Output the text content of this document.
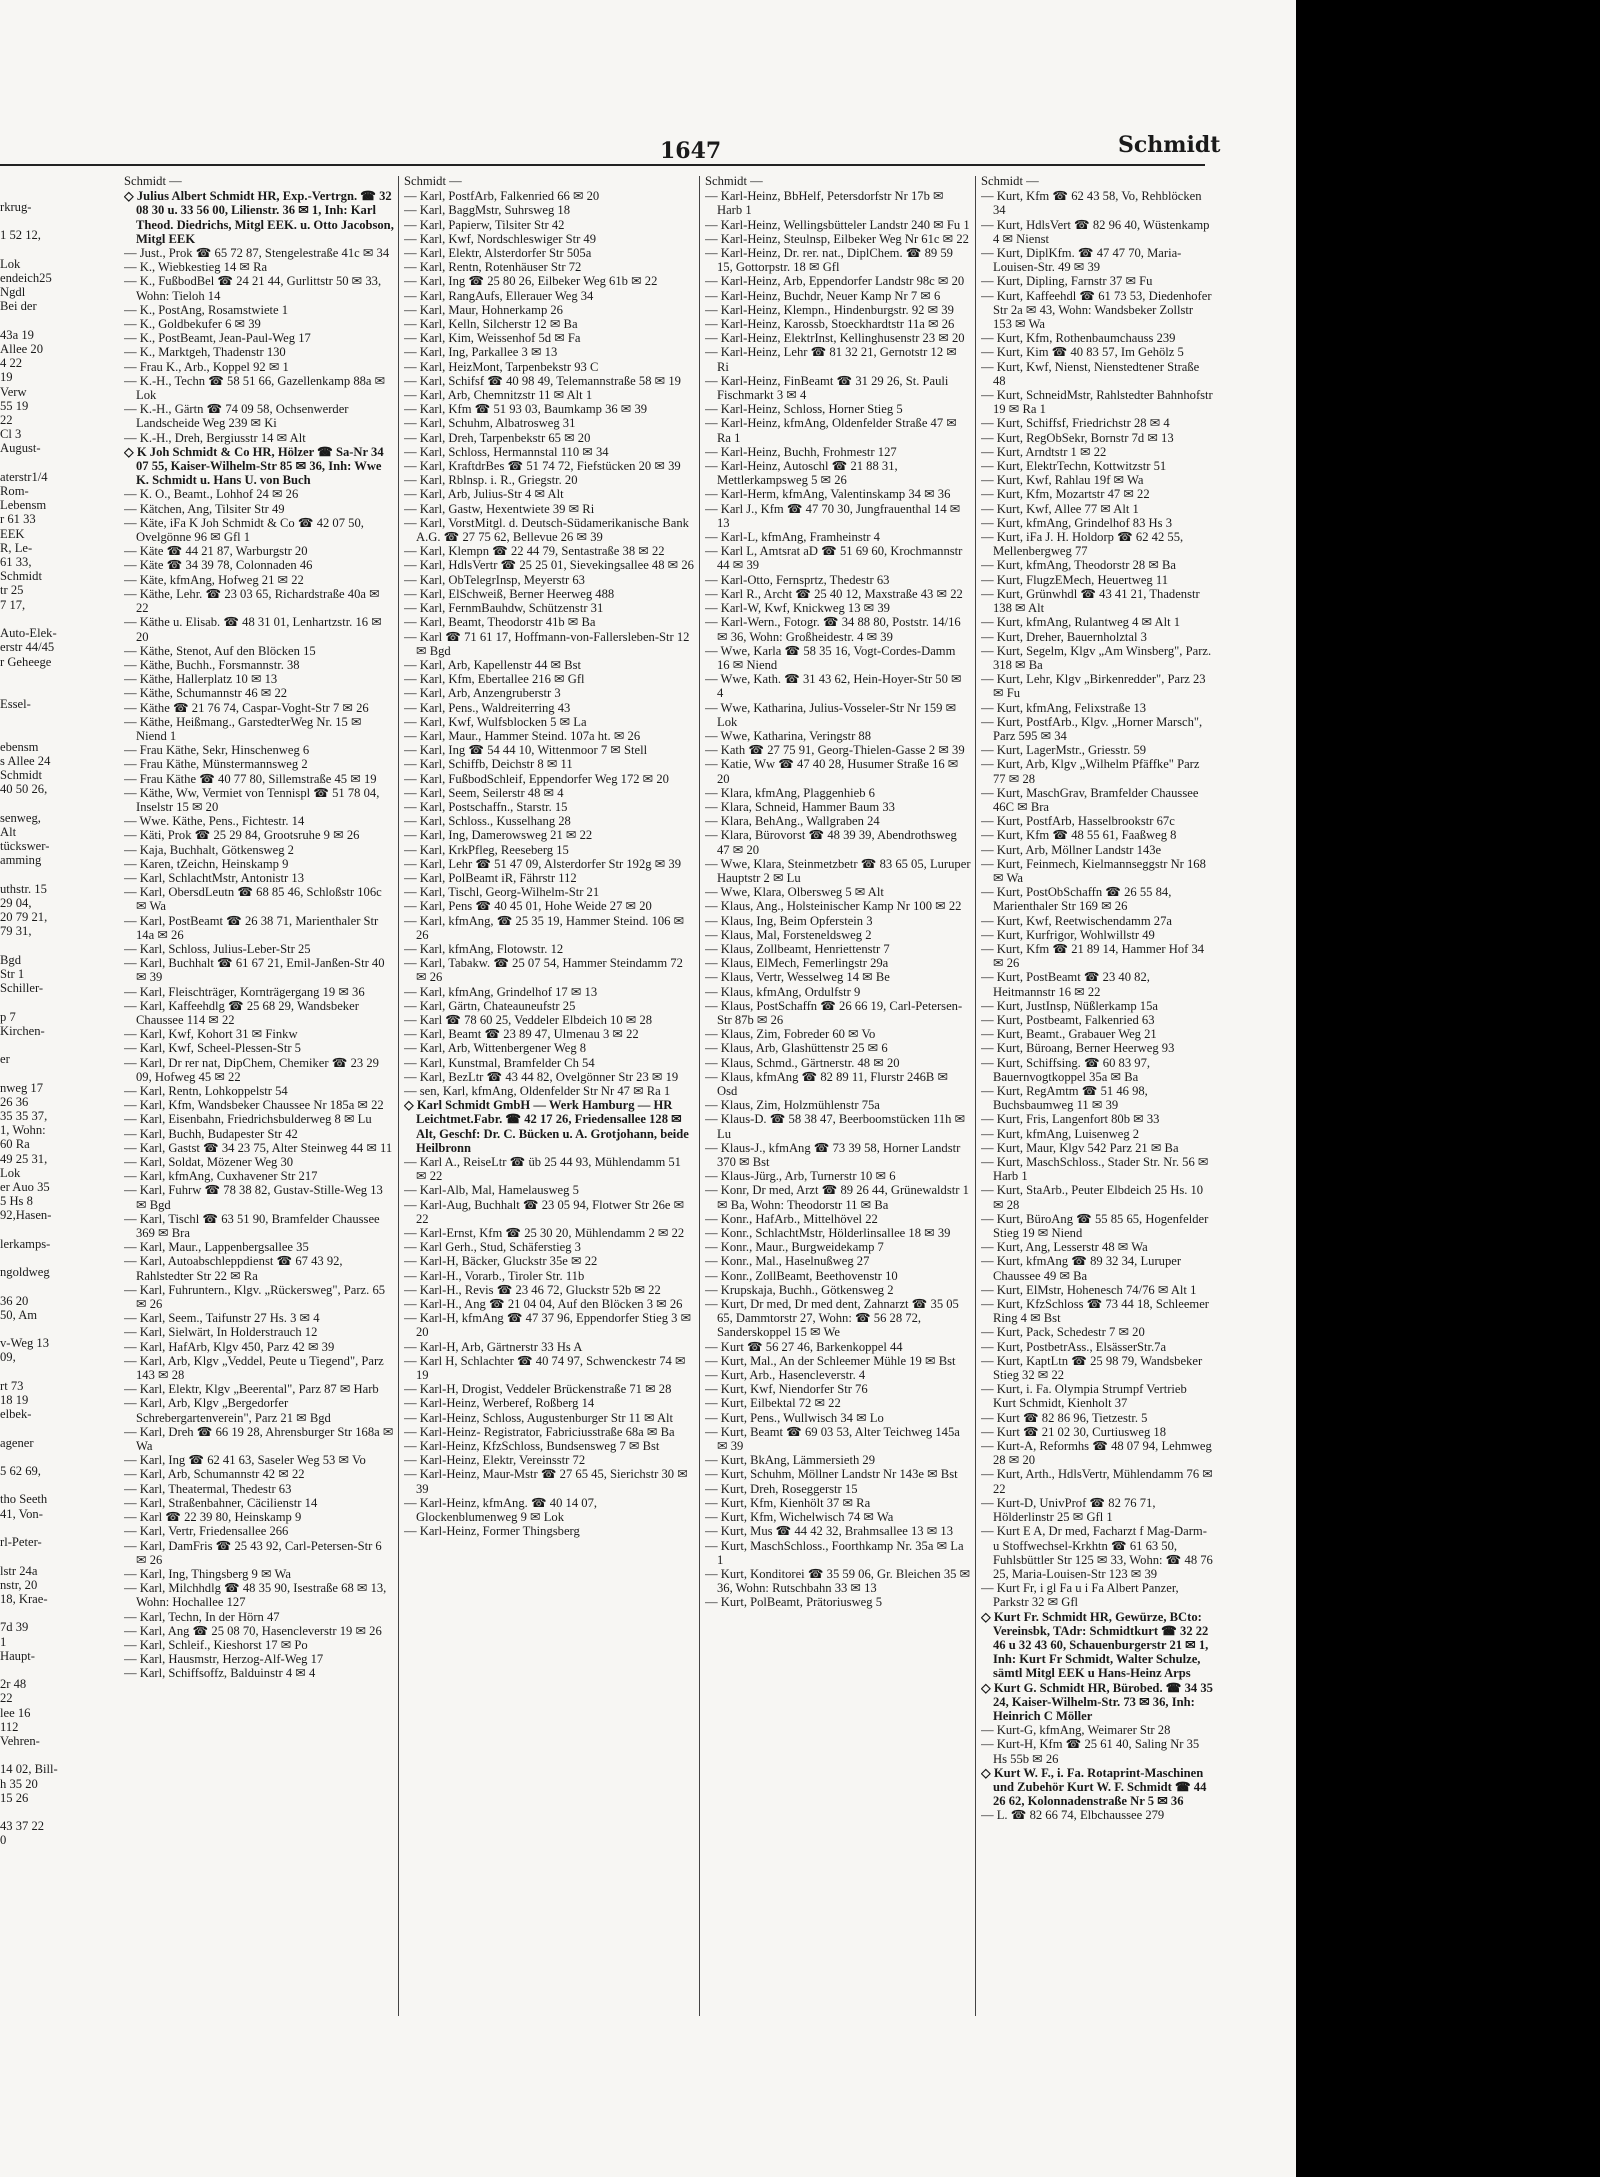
rkrug-

1 52 12,

Lok
endeich25
Ngdl
Bei der

43a 19
Allee 20
4 22
19
Verw
55 19
22
Cl 3
August-

aterstr1/4
Rom-
Lebensm
r 61 33
EEK
R, Le-
61 33,
Schmidt
tr 25
7 17,

Auto-Elek-
erstr 44/45
r Geheege

Essel-

ebensm
s Allee 24
Schmidt
40 50 26,

senweg,
Alt
tückswer-
amming

uthstr. 15
29 04,
20 79 21,
79 31,

Bgd
Str 1
Schiller-

p 7
Kirchen-

er

nweg 17
26 36
35 35 37,
1, Wohn:
60 Ra
49 25 31,
Lok
er Auo 35
5 Hs 8
92,Hasen-

lerkamps-

ngoldweg

36 20
50, Am

v-Weg 13
09,

rt 73
18 19
elbek-

agener

5 62 69,

tho Seeth
41, Von-

rl-Peter-

lstr 24a
nstr, 20
18, Krae-

7d 39
1
Haupt-

2r 48
22
lee 16
112
Vehren-

14 02, Bill-
h 35 20
15 26

43 37 22
0
1647	Schmidt
Schmidt —
◇ Julius Albert Schmidt HR, Exp.-Vertrgn. ☎ 32 08 30 u. 33 56 00, Lilienstr. 36 ✉ 1, Inh: Karl Theod. Diedrichs, Mitgl EEK. u. Otto Jacobson, Mitgl EEK
— Just., Prok ☎ 65 72 87, Stengelestraße 41c ✉ 34
— K., Wiebkestieg 14 ✉ Ra
— K., FußbodBel ☎ 24 21 44, Gurlittstr 50 ✉ 33, Wohn: Tieloh 14
— K., PostAng, Rosamstwiete 1
— K., Goldbekufer 6 ✉ 39
— K., PostBeamt, Jean-Paul-Weg 17
— K., Marktgeh, Thadenstr 130
— Frau K., Arb., Koppel 92 ✉ 1
— K.-H., Techn ☎ 58 51 66, Gazellenkamp 88a ✉ Lok
— K.-H., Gärtn ☎ 74 09 58, Ochsenwerder Landscheide Weg 239 ✉ Ki
— K.-H., Dreh, Bergiusstr 14 ✉ Alt
◇ K Joh Schmidt & Co HR, Hölzer ☎ Sa-Nr 34 07 55, Kaiser-Wilhelm-Str 85 ✉ 36, Inh: Wwe K. Schmidt u. Hans U. von Buch
— K. O., Beamt., Lohhof 24 ✉ 26
— Kätchen, Ang, Tilsiter Str 49
— Käte, iFa K Joh Schmidt & Co ☎ 42 07 50, Ovelgönne 96 ✉ Gfl 1
— Käte ☎ 44 21 87, Warburgstr 20
— Käte ☎ 34 39 78, Colonnaden 46
— Käte, kfmAng, Hofweg 21 ✉ 22
— Käthe, Lehr. ☎ 23 03 65, Richardstraße 40a ✉ 22
— Käthe u. Elisab. ☎ 48 31 01, Lenhartzstr. 16 ✉ 20
— Käthe, Stenot, Auf den Blöcken 15
— Käthe, Buchh., Forsmannstr. 38
— Käthe, Hallerplatz 10 ✉ 13
— Käthe, Schumannstr 46 ✉ 22
— Käthe ☎ 21 76 74, Caspar-Voght-Str 7 ✉ 26
— Käthe, Heißmang., GarstedterWeg Nr. 15 ✉ Niend 1
— Frau Käthe, Sekr, Hinschenweg 6
— Frau Käthe, Münstermannsweg 2
— Frau Käthe ☎ 40 77 80, Sillemstraße 45 ✉ 19
— Käthe, Ww, Vermiet von Tennispl ☎ 51 78 04, Inselstr 15 ✉ 20
— Wwe. Käthe, Pens., Fichtestr. 14
— Käti, Prok ☎ 25 29 84, Grootsruhe 9 ✉ 26
— Kaja, Buchhalt, Götkensweg 2
— Karen, tZeichn, Heinskamp 9
— Karl, SchlachtMstr, Antonistr 13
— Karl, ObersdLeutn ☎ 68 85 46, Schloßstr 106c ✉ Wa
— Karl, PostBeamt ☎ 26 38 71, Marienthaler Str 14a ✉ 26
— Karl, Schloss, Julius-Leber-Str 25
— Karl, Buchhalt ☎ 61 67 21, Emil-Janßen-Str 40 ✉ 39
— Karl, Fleischträger, Kornträgergang 19 ✉ 36
— Karl, Kaffeehdlg ☎ 25 68 29, Wandsbeker Chaussee 114 ✉ 22
— Karl, Kwf, Kohort 31 ✉ Finkw
— Karl, Kwf, Scheel-Plessen-Str 5
— Karl, Dr rer nat, DipChem, Chemiker ☎ 23 29 09, Hofweg 45 ✉ 22
— Karl, Rentn, Lohkoppelstr 54
— Karl, Kfm, Wandsbeker Chaussee Nr 185a ✉ 22
— Karl, Eisenbahn, Friedrichsbulderweg 8 ✉ Lu
— Karl, Buchh, Budapester Str 42
— Karl, Gastst ☎ 34 23 75, Alter Steinweg 44 ✉ 11
— Karl, Soldat, Mözener Weg 30
— Karl, kfmAng, Cuxhavener Str 217
— Karl, Fuhrw ☎ 78 38 82, Gustav-Stille-Weg 13 ✉ Bgd
— Karl, Tischl ☎ 63 51 90, Bramfelder Chaussee 369 ✉ Bra
— Karl, Maur., Lappenbergsallee 35
— Karl, Autoabschleppdienst ☎ 67 43 92, Rahlstedter Str 22 ✉ Ra
— Karl, Fuhruntern., Klgv. „Rückersweg", Parz. 65 ✉ 26
— Karl, Seem., Taifunstr 27 Hs. 3 ✉ 4
— Karl, Sielwärt, In Holderstrauch 12
— Karl, HafArb, Klgv 450, Parz 42 ✉ 39
— Karl, Arb, Klgv „Veddel, Peute u Tiegend", Parz 143 ✉ 28
— Karl, Elektr, Klgv „Beerental", Parz 87 ✉ Harb
— Karl, Arb, Klgv „Bergedorfer Schrebergartenverein", Parz 21 ✉ Bgd
— Karl, Dreh ☎ 66 19 28, Ahrensburger Str 168a ✉ Wa
— Karl, Ing ☎ 62 41 63, Saseler Weg 53 ✉ Vo
— Karl, Arb, Schumannstr 42 ✉ 22
— Karl, Theatermal, Thedestr 63
— Karl, Straßenbahner, Cäcilienstr 14
— Karl ☎ 22 39 80, Heinskamp 9
— Karl, Vertr, Friedensallee 266
— Karl, DamFris ☎ 25 43 92, Carl-Petersen-Str 6 ✉ 26
— Karl, Ing, Thingsberg 9 ✉ Wa
— Karl, Milchhdlg ☎ 48 35 90, Isestraße 68 ✉ 13, Wohn: Hochallee 127
— Karl, Techn, In der Hörn 47
— Karl, Ang ☎ 25 08 70, Hasencleverstr 19 ✉ 26
— Karl, Schleif., Kieshorst 17 ✉ Po
— Karl, Hausmstr, Herzog-Alf-Weg 17
— Karl, Schiffsoffz, Balduinstr 4 ✉ 4
Schmidt —
— Karl, PostfArb, Falkenried 66 ✉ 20
— Karl, BaggMstr, Suhrsweg 18
— Karl, Papierw, Tilsiter Str 42
— Karl, Kwf, Nordschleswiger Str 49
— Karl, Elektr, Alsterdorfer Str 505a
— Karl, Rentn, Rotenhäuser Str 72
— Karl, Ing ☎ 25 80 26, Eilbeker Weg 61b ✉ 22
— Karl, RangAufs, Ellerauer Weg 34
— Karl, Maur, Hohnerkamp 26
— Karl, Kelln, Silcherstr 12 ✉ Ba
— Karl, Kim, Weissenhof 5d ✉ Fa
— Karl, Ing, Parkallee 3 ✉ 13
— Karl, HeizMont, Tarpenbekstr 93 C
— Karl, Schifsf ☎ 40 98 49, Telemannstraße 58 ✉ 19
— Karl, Arb, Chemnitzstr 11 ✉ Alt 1
— Karl, Kfm ☎ 51 93 03, Baumkamp 36 ✉ 39
— Karl, Schuhm, Albatrosweg 31
— Karl, Dreh, Tarpenbekstr 65 ✉ 20
— Karl, Schloss, Hermannstal 110 ✉ 34
— Karl, KraftdrBes ☎ 51 74 72, Fiefstücken 20 ✉ 39
— Karl, Rblnsp. i. R., Griegstr. 20
— Karl, Arb, Julius-Str 4 ✉ Alt
— Karl, Gastw, Hexentwiete 39 ✉ Ri
— Karl, VorstMitgl. d. Deutsch-Südamerikanische Bank A.G. ☎ 27 75 62, Bellevue 26 ✉ 39
— Karl, Klempn ☎ 22 44 79, Sentastraße 38 ✉ 22
— Karl, HdlsVertr ☎ 25 25 01, Sievekingsallee 48 ✉ 26
— Karl, ObTelegrInsp, Meyerstr 63
— Karl, ElSchweiß, Berner Heerweg 488
— Karl, FernmBauhdw, Schützenstr 31
— Karl, Beamt, Theodorstr 41b ✉ Ba
— Karl ☎ 71 61 17, Hoffmann-von-Fallersleben-Str 12 ✉ Bgd
— Karl, Arb, Kapellenstr 44 ✉ Bst
— Karl, Kfm, Ebertallee 216 ✉ Gfl
— Karl, Arb, Anzengruberstr 3
— Karl, Pens., Waldreiterring 43
— Karl, Kwf, Wulfsblocken 5 ✉ La
— Karl, Maur., Hammer Steind. 107a ht. ✉ 26
— Karl, Ing ☎ 54 44 10, Wittenmoor 7 ✉ Stell
— Karl, Schiffb, Deichstr 8 ✉ 11
— Karl, FußbodSchleif, Eppendorfer Weg 172 ✉ 20
— Karl, Seem, Seilerstr 48 ✉ 4
— Karl, Postschaffn., Starstr. 15
— Karl, Schloss., Kusselhang 28
— Karl, Ing, Damerowsweg 21 ✉ 22
— Karl, KrkPfleg, Reeseberg 15
— Karl, Lehr ☎ 51 47 09, Alsterdorfer Str 192g ✉ 39
— Karl, PolBeamt iR, Fährstr 112
— Karl, Tischl, Georg-Wilhelm-Str 21
— Karl, Pens ☎ 40 45 01, Hohe Weide 27 ✉ 20
— Karl, kfmAng, ☎ 25 35 19, Hammer Steind. 106 ✉ 26
— Karl, kfmAng, Flotowstr. 12
— Karl, Tabakw. ☎ 25 07 54, Hammer Steindamm 72 ✉ 26
— Karl, kfmAng, Grindelhof 17 ✉ 13
— Karl, Gärtn, Chateaunеufstr 25
— Karl ☎ 78 60 25, Veddeler Elbdeich 10 ✉ 28
— Karl, Beamt ☎ 23 89 47, Ulmenau 3 ✉ 22
— Karl, Arb, Wittenbergener Weg 8
— Karl, Kunstmal, Bramfelder Ch 54
— Karl, BezLtr ☎ 43 44 82, Ovelgönner Str 23 ✉ 19
— sen, Karl, kfmAng, Oldenfelder Str Nr 47 ✉ Ra 1
◇ Karl Schmidt GmbH — Werk Hamburg — HR Leichtmet.Fabr. ☎ 42 17 26, Friedensallee 128 ✉ Alt, Geschf: Dr. C. Bücken u. A. Grotjohann, beide Heilbronn
— Karl A., ReiseLtr ☎ üb 25 44 93, Mühlendamm 51 ✉ 22
— Karl-Alb, Mal, Hamelausweg 5
— Karl-Aug, Buchhalt ☎ 23 05 94, Flotwer Str 26e ✉ 22
— Karl-Ernst, Kfm ☎ 25 30 20, Mühlendamm 2 ✉ 22
— Karl Gerh., Stud, Schäferstieg 3
— Karl-H, Bäcker, Gluckstr 35e ✉ 22
— Karl-H., Vorarb., Tiroler Str. 11b
— Karl-H., Revis ☎ 23 46 72, Gluckstr 52b ✉ 22
— Karl-H., Ang ☎ 21 04 04, Auf den Blöcken 3 ✉ 26
— Karl-H, kfmAng ☎ 47 37 96, Eppendorfer Stieg 3 ✉ 20
— Karl-H, Arb, Gärtnerstr 33 Hs A
— Karl H, Schlachter ☎ 40 74 97, Schwenckestr 74 ✉ 19
— Karl-H, Drogist, Veddeler Brückenstraße 71 ✉ 28
— Karl-Heinz, Werberef, Roßberg 14
— Karl-Heinz, Schloss, Augustenburger Str 11 ✉ Alt
— Karl-Heinz- Registrator, Fabriciusstraße 68a ✉ Ba
— Karl-Heinz, KfzSchloss, Bundsensweg 7 ✉ Bst
— Karl-Heinz, Elektr, Vereinsstr 72
— Karl-Heinz, Maur-Mstr ☎ 27 65 45, Sierichstr 30 ✉ 39
— Karl-Heinz, kfmAng. ☎ 40 14 07, Glockenblumenweg 9 ✉ Lok
— Karl-Heinz, Former Thingsberg
Schmidt —
— Karl-Heinz, BbHelf, Petersdorfstr Nr 17b ✉ Harb 1
— Karl-Heinz, Wellingsbütteler Landstr 240 ✉ Fu 1
— Karl-Heinz, Steulnsp, Eilbeker Weg Nr 61c ✉ 22
— Karl-Heinz, Dr. rer. nat., DiplChem. ☎ 89 59 15, Gottorpstr. 18 ✉ Gfl
— Karl-Heinz, Arb, Eppendorfer Landstr 98c ✉ 20
— Karl-Heinz, Buchdr, Neuer Kamp Nr 7 ✉ 6
— Karl-Heinz, Klempn., Hindenburgstr. 92 ✉ 39
— Karl-Heinz, Karossb, Stoeckhardtstr 11a ✉ 26
— Karl-Heinz, ElektrInst, Kellinghusenstr 23 ✉ 20
— Karl-Heinz, Lehr ☎ 81 32 21, Gernotstr 12 ✉ Ri
— Karl-Heinz, FinBeamt ☎ 31 29 26, St. Pauli Fischmarkt 3 ✉ 4
— Karl-Heinz, Schloss, Horner Stieg 5
— Karl-Heinz, kfmAng, Oldenfelder Straße 47 ✉ Ra 1
— Karl-Heinz, Buchh, Frohmestr 127
— Karl-Heinz, Autoschl ☎ 21 88 31, Mettlerkampsweg 5 ✉ 26
— Karl-Herm, kfmAng, Valentinskamp 34 ✉ 36
— Karl J., Kfm ☎ 47 70 30, Jungfrauenthal 14 ✉ 13
— Karl-L, kfmAng, Framheinstr 4
— Karl L, Amtsrat aD ☎ 51 69 60, Krochmannstr 44 ✉ 39
— Karl-Otto, Fernsprtz, Thedestr 63
— Karl R., Archt ☎ 25 40 12, Maxstraße 43 ✉ 22
— Karl-W, Kwf, Knickweg 13 ✉ 39
— Karl-Wern., Fotogr. ☎ 34 88 80, Poststr. 14/16 ✉ 36, Wohn: Großheidestr. 4 ✉ 39
— Wwe, Karla ☎ 58 35 16, Vogt-Cordes-Damm 16 ✉ Niend
— Wwe, Kath. ☎ 31 43 62, Hein-Hoyer-Str 50 ✉ 4
— Wwe, Katharina, Julius-Vosseler-Str Nr 159 ✉ Lok
— Wwe, Katharina, Veringstr 88
— Kath ☎ 27 75 91, Georg-Thielen-Gasse 2 ✉ 39
— Katie, Ww ☎ 47 40 28, Husumer Straße 16 ✉ 20
— Klara, kfmAng, Plaggenhieb 6
— Klara, Schneid, Hammer Baum 33
— Klara, BehAng., Wallgraben 24
— Klara, Bürovorst ☎ 48 39 39, Abendrothsweg 47 ✉ 20
— Wwe, Klara, Steinmetzbetr ☎ 83 65 05, Luruper Hauptstr 2 ✉ Lu
— Wwe, Klara, Olbersweg 5 ✉ Alt
— Klaus, Ang., Holsteinischer Kamp Nr 100 ✉ 22
— Klaus, Ing, Beim Opferstein 3
— Klaus, Mal, Forsteneldsweg 2
— Klaus, Zollbeamt, Henriettenstr 7
— Klaus, ElMech, Femerlingstr 29a
— Klaus, Vertr, Wesselweg 14 ✉ Be
— Klaus, kfmAng, Ordulfstr 9
— Klaus, PostSchaffn ☎ 26 66 19, Carl-Petersen-Str 87b ✉ 26
— Klaus, Zim, Fobreder 60 ✉ Vo
— Klaus, Arb, Glashüttenstr 25 ✉ 6
— Klaus, Schmd., Gärtnerstr. 48 ✉ 20
— Klaus, kfmAng ☎ 82 89 11, Flurstr 246B ✉ Osd
— Klaus, Zim, Holzmühlenstr 75a
— Klaus-D. ☎ 58 38 47, Beerboomstücken 11h ✉ Lu
— Klaus-J., kfmAng ☎ 73 39 58, Horner Landstr 370 ✉ Bst
— Klaus-Jürg., Arb, Turnerstr 10 ✉ 6
— Konr, Dr med, Arzt ☎ 89 26 44, Grünewaldstr 1 ✉ Ba, Wohn: Theodorstr 11 ✉ Ba
— Konr., HafArb., Mittelhövel 22
— Konr., SchlachtMstr, Hölderlinsallee 18 ✉ 39
— Konr., Maur., Burgweidekamp 7
— Konr., Mal., Haselnußweg 27
— Konr., ZollBeamt, Beethovenstr 10
— Krupskaja, Buchh., Götkensweg 2
— Kurt, Dr med, Dr med dent, Zahnarzt ☎ 35 05 65, Dammtorstr 27, Wohn: ☎ 56 28 72, Sanderskoppel 15 ✉ We
— Kurt ☎ 56 27 46, Barkenkoppel 44
— Kurt, Mal., An der Schleemer Mühle 19 ✉ Bst
— Kurt, Arb., Hasencleverstr. 4
— Kurt, Kwf, Niendorfer Str 76
— Kurt, Eilbektal 72 ✉ 22
— Kurt, Pens., Wullwisch 34 ✉ Lo
— Kurt, Beamt ☎ 69 03 53, Alter Teichweg 145a ✉ 39
— Kurt, BkAng, Lämmersieth 29
— Kurt, Schuhm, Möllner Landstr Nr 143e ✉ Bst
— Kurt, Dreh, Roseggerstr 15
— Kurt, Kfm, Kienhölt 37 ✉ Ra
— Kurt, Kfm, Wichelwisch 74 ✉ Wa
— Kurt, Mus ☎ 44 42 32, Brahmsallee 13 ✉ 13
— Kurt, MaschSchloss., Foorthkamp Nr. 35a ✉ La 1
— Kurt, Konditorei ☎ 35 59 06, Gr. Bleichen 35 ✉ 36, Wohn: Rutschbahn 33 ✉ 13
— Kurt, PolBeamt, Prätoriusweg 5
Schmidt —
— Kurt, Kfm ☎ 62 43 58, Vo, Rehblöcken 34
— Kurt, HdlsVert ☎ 82 96 40, Wüstenkamp 4 ✉ Nienst
— Kurt, DiplKfm. ☎ 47 47 70, Maria-Louisen-Str. 49 ✉ 39
— Kurt, Dipling, Farnstr 37 ✉ Fu
— Kurt, Kaffeehdl ☎ 61 73 53, Diedenhofer Str 2a ✉ 43, Wohn: Wandsbeker Zollstr 153 ✉ Wa
— Kurt, Kfm, Rothenbaumchauss 239
— Kurt, Kim ☎ 40 83 57, Im Gehölz 5
— Kurt, Kwf, Nienst, Nienstedtener Straße 48
— Kurt, SchneidMstr, Rahlstedter Bahnhofstr 19 ✉ Ra 1
— Kurt, Schiffsf, Friedrichstr 28 ✉ 4
— Kurt, RegObSekr, Bornstr 7d ✉ 13
— Kurt, Arndtstr 1 ✉ 22
— Kurt, ElektrTechn, Kottwitzstr 51
— Kurt, Kwf, Rahlau 19f ✉ Wa
— Kurt, Kfm, Mozartstr 47 ✉ 22
— Kurt, Kwf, Allee 77 ✉ Alt 1
— Kurt, kfmAng, Grindelhof 83 Hs 3
— Kurt, iFa J. H. Holdorp ☎ 62 42 55, Mellenbergweg 77
— Kurt, kfmAng, Theodorstr 28 ✉ Ba
— Kurt, FlugzEMech, Heuertweg 11
— Kurt, Grünwhdl ☎ 43 41 21, Thadenstr 138 ✉ Alt
— Kurt, kfmAng, Rulantweg 4 ✉ Alt 1
— Kurt, Dreher, Bauernholztal 3
— Kurt, Segelm, Klgv „Am Winsberg", Parz. 318 ✉ Ba
— Kurt, Lehr, Klgv „Birkenredder", Parz 23 ✉ Fu
— Kurt, kfmAng, Felixstraße 13
— Kurt, PostfArb., Klgv. „Horner Marsch", Parz 595 ✉ 34
— Kurt, LagerMstr., Griesstr. 59
— Kurt, Arb, Klgv „Wilhelm Pfäffke" Parz 77 ✉ 28
— Kurt, MaschGrav, Bramfelder Chaussee 46C ✉ Bra
— Kurt, PostfArb, Hasselbrookstr 67c
— Kurt, Kfm ☎ 48 55 61, Faaßweg 8
— Kurt, Arb, Möllner Landstr 143e
— Kurt, Feinmech, Kielmannseggstr Nr 168 ✉ Wa
— Kurt, PostObSchaffn ☎ 26 55 84, Marienthaler Str 169 ✉ 26
— Kurt, Kwf, Reetwischendamm 27a
— Kurt, Kurfrigor, Wohlwillstr 49
— Kurt, Kfm ☎ 21 89 14, Hammer Hof 34 ✉ 26
— Kurt, PostBeamt ☎ 23 40 82, Heitmannstr 16 ✉ 22
— Kurt, JustInsp, Nüßlerkamp 15a
— Kurt, Postbeamt, Falkenried 63
— Kurt, Beamt., Grabauer Weg 21
— Kurt, Büroang, Berner Heerweg 93
— Kurt, Schiffsing. ☎ 60 83 97, Bauernvogtkoppel 35a ✉ Ba
— Kurt, RegAmtm ☎ 51 46 98, Buchsbaumweg 11 ✉ 39
— Kurt, Fris, Langenfort 80b ✉ 33
— Kurt, kfmAng, Luisenweg 2
— Kurt, Maur, Klgv 542 Parz 21 ✉ Ba
— Kurt, MaschSchloss., Stader Str. Nr. 56 ✉ Harb 1
— Kurt, StaArb., Peuter Elbdeich 25 Hs. 10 ✉ 28
— Kurt, BüroAng ☎ 55 85 65, Hogenfelder Stieg 19 ✉ Niend
— Kurt, Ang, Lesserstr 48 ✉ Wa
— Kurt, kfmAng ☎ 89 32 34, Luruper Chaussee 49 ✉ Ba
— Kurt, ElMstr, Hohenesch 74/76 ✉ Alt 1
— Kurt, KfzSchloss ☎ 73 44 18, Schleemer Ring 4 ✉ Bst
— Kurt, Pack, Schedestr 7 ✉ 20
— Kurt, PostbetrAss., ElsässerStr.7a
— Kurt, KaptLtn ☎ 25 98 79, Wandsbeker Stieg 32 ✉ 22
— Kurt, i. Fa. Olympia Strumpf Vertrieb Kurt Schmidt, Kienholt 37
— Kurt ☎ 82 86 96, Tietzestr. 5
— Kurt ☎ 21 02 30, Curtiusweg 18
— Kurt-A, Reformhs ☎ 48 07 94, Lehmweg 28 ✉ 20
— Kurt, Arth., HdlsVertr, Mühlendamm 76 ✉ 22
— Kurt-D, UnivProf ☎ 82 76 71, Hölderlinstr 25 ✉ Gfl 1
— Kurt E A, Dr med, Facharzt f Mag-Darm- u Stoffwechsel-Krkhtn ☎ 61 63 50, Fuhlsbüttler Str 125 ✉ 33, Wohn: ☎ 48 76 25, Maria-Louisen-Str 123 ✉ 39
— Kurt Fr, i gl Fa u i Fa Albert Panzer, Parkstr 32 ✉ Gfl
◇ Kurt Fr. Schmidt HR, Gewürze, BCto: Vereinsbk, TAdr: Schmidtkurt ☎ 32 22 46 u 32 43 60, Schauenburgerstr 21 ✉ 1, Inh: Kurt Fr Schmidt, Walter Schulze, sämtl Mitgl EEK u Hans-Heinz Arps
◇ Kurt G. Schmidt HR, Bürobed. ☎ 34 35 24, Kaiser-Wilhelm-Str. 73 ✉ 36, Inh: Heinrich C Möller
— Kurt-G, kfmAng, Weimarer Str 28
— Kurt-H, Kfm ☎ 25 61 40, Saling Nr 35 Hs 55b ✉ 26
◇ Kurt W. F., i. Fa. Rotaprint-Maschinen und Zubehör Kurt W. F. Schmidt ☎ 44 26 62, Kolonnadenstraße Nr 5 ✉ 36
— L. ☎ 82 66 74, Elbchaussee 279
